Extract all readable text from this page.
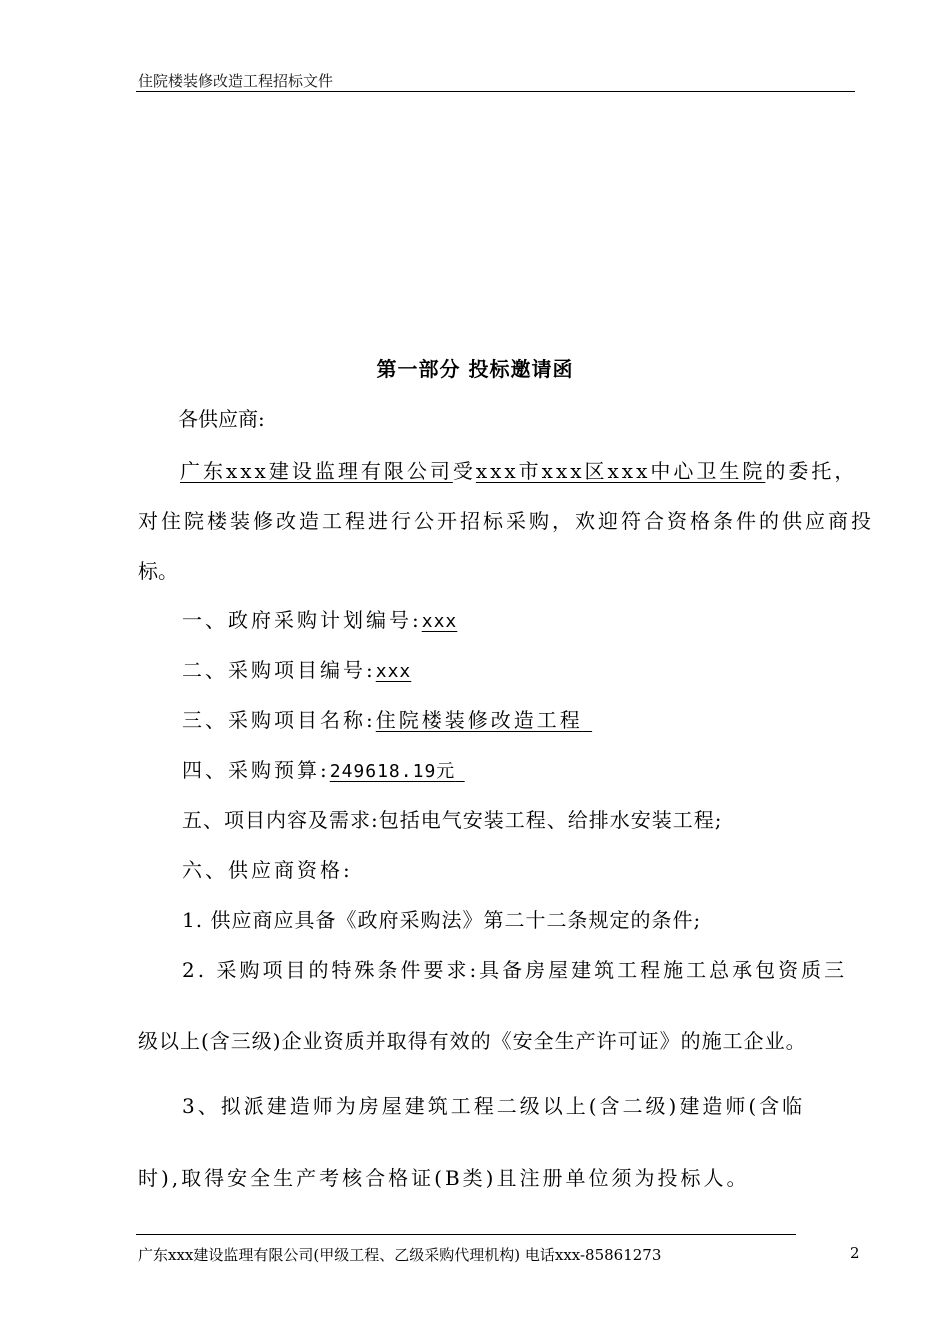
住院楼装修改造工程招标文件
第一部分 投标邀请函
各供应商:
广东xxx建设监理有限公司受xxx市xxx区xxx中心卫生院的委托，
对住院楼装修改造工程进行公开招标采购，欢迎符合资格条件的供应商投
标。
一、政府采购计划编号:xxx
二、采购项目编号:xxx
三、采购项目名称:住院楼装修改造工程
四、采购预算:249618.19元
五、项目内容及需求:包括电气安装工程、给排水安装工程;
六、供应商资格:
1. 供应商应具备《政府采购法》第二十二条规定的条件;
2. 采购项目的特殊条件要求:具备房屋建筑工程施工总承包资质三
级以上(含三级)企业资质并取得有效的《安全生产许可证》的施工企业。
3、拟派建造师为房屋建筑工程二级以上(含二级)建造师(含临
时),取得安全生产考核合格证(B类)且注册单位须为投标人。
广东xxx建设监理有限公司(甲级工程、乙级采购代理机构) 电话xxx-85861273	2
